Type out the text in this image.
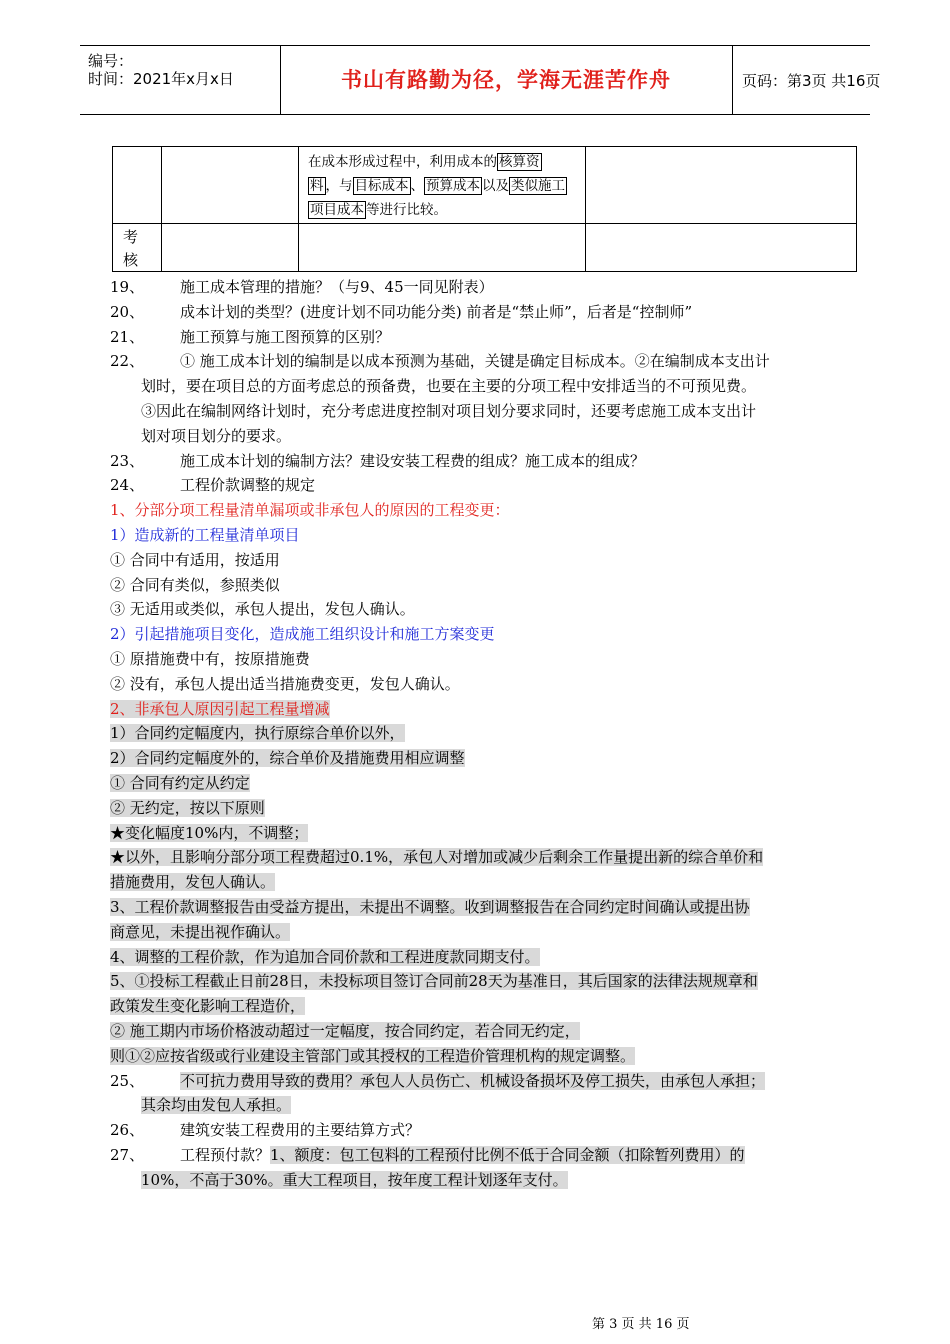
编号：
时间：2021年x月x日	书山有路勤为径，学海无涯苦作舟	页码：第3页 共16页
在成本形成过程中，利用成本的 核算资
料 ，与 目标成本 、 预算成本 以及 类似施工
项目成本 等进行比较。
考
核
19、 施工成本管理的措施？（与9、45一同见附表）
20、 成本计划的类型？(进度计划不同功能分类) 前者是“禁止师”，后者是“控制师”
21、 施工预算与施工图预算的区别？
22、 ① 施工成本计划的编制是以成本预测为基础，关键是确定目标成本。②在编制成本支出计
划时，要在项目总的方面考虑总的预备费，也要在主要的分项工程中安排适当的不可预见费。
③因此在编制网络计划时，充分考虑进度控制对项目划分要求同时，还要考虑施工成本支出计
划对项目划分的要求。
23、 施工成本计划的编制方法？建设安装工程费的组成？施工成本的组成？
24、 工程价款调整的规定
1、分部分项工程量清单漏项或非承包人的原因的工程变更：
1）造成新的工程量清单项目
① 合同中有适用，按适用
② 合同有类似，参照类似
③ 无适用或类似，承包人提出，发包人确认。
2）引起措施项目变化，造成施工组织设计和施工方案变更
① 原措施费中有，按原措施费
② 没有，承包人提出适当措施费变更，发包人确认。
2、非承包人原因引起工程量增减
1）合同约定幅度内，执行原综合单价以外，
2）合同约定幅度外的，综合单价及措施费用相应调整
① 合同有约定从约定
② 无约定，按以下原则
★变化幅度10%内，不调整；
★以外，且影响分部分项工程费超过0.1%，承包人对增加或减少后剩余工作量提出新的综合单价和
措施费用，发包人确认。
3、工程价款调整报告由受益方提出，未提出不调整。收到调整报告在合同约定时间确认或提出协
商意见，未提出视作确认。
4、调整的工程价款，作为追加合同价款和工程进度款同期支付。
5、①投标工程截止日前28日，未投标项目签订合同前28天为基准日，其后国家的法律法规规章和
政策发生变化影响工程造价，
② 施工期内市场价格波动超过一定幅度，按合同约定，若合同无约定，
则①②应按省级或行业建设主管部门或其授权的工程造价管理机构的规定调整。
25、 不可抗力费用导致的费用？承包人人员伤亡、机械设备损坏及停工损失，由承包人承担；
其余均由发包人承担。
26、 建筑安装工程费用的主要结算方式？
27、 工程预付款？1、额度：包工包料的工程预付比例不低于合同金额（扣除暂列费用）的
10%，不高于30%。重大工程项目，按年度工程计划逐年支付。
第 3 页 共 16 页
